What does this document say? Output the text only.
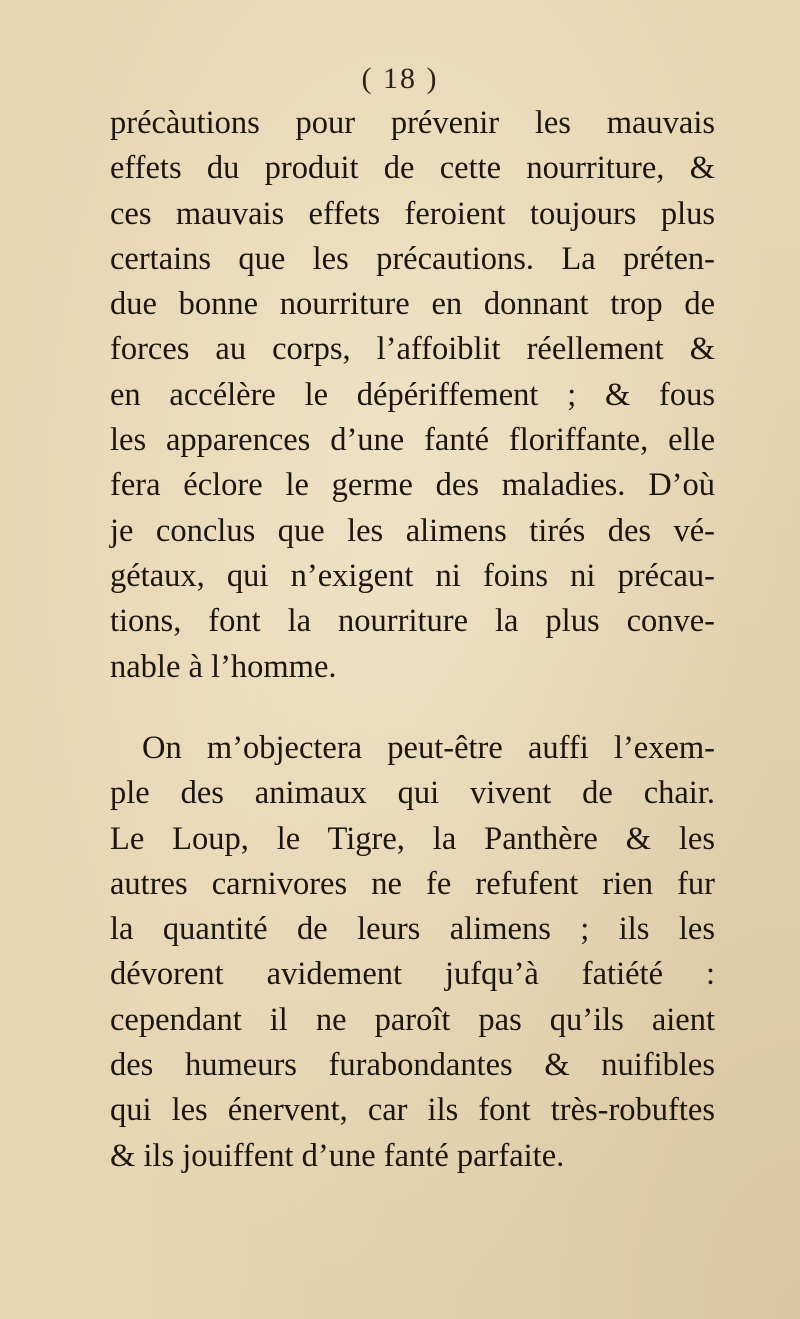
( 18 )
précàutions pour prévenir les mauvais
effets du produit de cette nourriture, &
ces mauvais effets feroient toujours plus
certains que les précautions. La préten-
due bonne nourriture en donnant trop de
forces au corps, l’affoiblit réellement &
en accélère le dépériffement ; & fous
les apparences d’une fanté floriffante, elle
fera éclore le germe des maladies. D’où
je conclus que les alimens tirés des vé-
gétaux, qui n’exigent ni foins ni précau-
tions, font la nourriture la plus conve-
nable à l’homme.
On m’objectera peut-être auffi l’exem-
ple des animaux qui vivent de chair.
Le Loup, le Tigre, la Panthère & les
autres carnivores ne fe refufent rien fur
la quantité de leurs alimens ; ils les
dévorent avidement jufqu’à fatiété :
cependant il ne paroît pas qu’ils aient
des humeurs furabondantes & nuifibles
qui les énervent, car ils font très-robuftes
& ils jouiffent d’une fanté parfaite.
